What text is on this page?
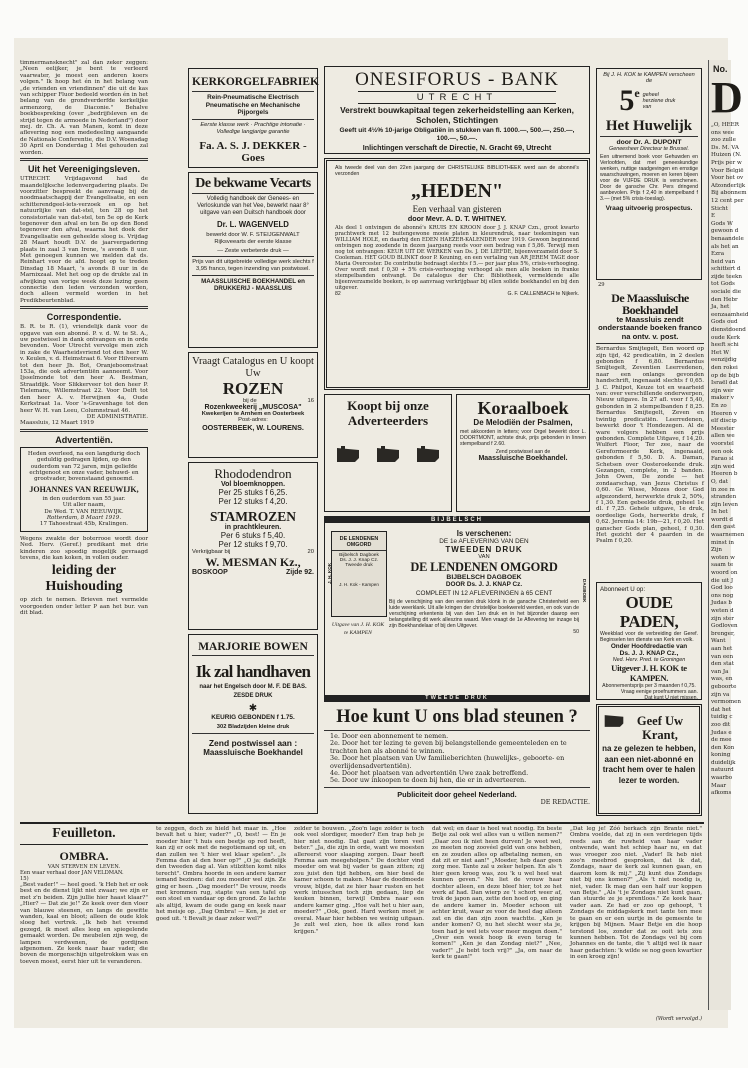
timmermansknecht" zal dan zeker zeggen: „Neen eelijker, je bent te verleerd vaarwater, je moest een anderen koers volgen." Ik hoop het én in het belang van „de vrienden en vriendinnen" die uit de kas van schipper Fluor bedeeld worden én in het belang van de grondverderfde kerkelijke armenzorg, de Diaconie." Behalve boekbespreking (over „bedrijfsleven en de strijd tegen de armoede in Nederland") door mej. dr. Ch. A. van Manen, komt in deze aflevering nog een mededeeling aangaande de Nationale Conferentie, die D.V. Woensdag 30 April en Donderdag 1 Mei gehouden zal worden.
Uit het Vereenigingsleven.
UTRECHT. Vrijdagavond had de maandelijksche ledenvergadering plaats. De voorzitter bespreekt de aanvraag bij de noodmaatschappij der Evangelisatie, en een schitterendgeel-iets-verzoek en op het natuurlijke van dat-stel, ten 28 op het consistoriale van dat-stel, ten 5e op de Kerk tegenover den afval en ten 8e op den Bond tegenover den afval, waarna het doek der Evangelisatie een geheelde sloeg is. Vrijdag 28 Maart houdt D.V. de jaarvergadering plaats in zaal 3 van Irene, 's avonds 8 uur. Met genoegen kunnen we melden dat ds. Reinhart voor de afd. hoopt op te treden Dinsdag 18 Maart, 's avonds 8 uur in de Marnixzaal. Met het oog op de drukte zal in afwijking van vorige week deze lezing geen connectie den leden verzonden worden, doch alleen vermeld worden in het Predikbeurtenblad.
Correspondentie.
B. R. te R. (1), vriendelijk dank voor de opgave van een abonné. P. v. d. W. te St. A., uw postwissel in dank ontvangen en in orde bevonden. Voor Utrecht vervolge men zich in zake de Waarheidsvriend tot den heer W. v. Keulen, v. d. Heimstraat 6. Voor Hilversum tot den heer Jh. Bot, Oranjeboomstraat 153a, die ook advertentiën aanneemt. Voor Ijsselmonde tot den heer A. Bestman, Straatdijk. Voor Slikkerveer tot den heer P. Tielemans, Willemstraat 22. Voor Delft tot den heer A. v. Herwijnen 4a, Oude Kerkstraat 1a. Voor 's-Gravenhage tot den heer W. H. van Leeu, Columnstraat 46.
DE ADMINISTRATIE.
Maassluis, 12 Maart 1919
Advertentiën.
Heden overleed, na een langdurig doch geduldig gedragen lijden, op den ouderdom van 72 jaren, mijn geliefde echtgenoot en onze vader, behuwd- en grootvader, bovenstaand genoemd.
JOHANNES VAN REEUWIJK,
in den ouderdom van 55 jaar.
Uit aller naam,
De Wed. T. VAN REEUWIJK.
Rotterdam, 8 Maart 1919.
17 Tahoestraat 45b, Kralingen.
Wegens zwakte der boterrooe wordt door Ned. Herv. (Geref.) predikant met drie kinderen zoo spoedig mogelijk gevraagd tevens, die kan koken, in vollen ouder.
leiding der Huishouding
op zich te nemen. Brieven met vermelde voorgoeden onder letter P aan het bur. van dit blad.
KERKORGELFABRIEK
Rein-Pneumatische Electrisch Pneumatische en Mechanische Pijporgels
Eerste klasse werk · Prachtige intonatie · Volledige langjarige garantie
Fa. A. S. J. DEKKER - Goes
De bekwame Vecarts
Volledig handboek der Genees- en Verloskunde van het Vee, bewerkt naar 8° uitgave van een Duitsch handboek door
Dr. L. WAGENVELD
bewerkt door W. F. STEIJGENWALT Rijksveearts der eerste klasse
— Zeste verbeterde druk —
Prijs van dit uitgebreide volledige werk slechts f 3,95 franco, tegen inzending van postwissel.
MAASSLUISCHE BOEKHANDEL en DRUKKERIJ - MAASSLUIS
Vraagt Catalogus en U koopt Uw
ROZEN
bij de	16
Rozenkweekerij „MUSCOSA"
Kwekerijen te Arnhem en Oosterbeek
Post-adres:
OOSTERBEEK, W. LOURENS.
Rhododendron
Vol bloemknoppen.
Per 25 stuks f 6,25.
Per 12 stuks f 4,20.
STAMROZEN
in prachtkleuren.
Per 6 stuks f 5,40.
Per 12 stuks f 9,70.
Verkrijgbaar bij	20
W. MESMAN Kz.,
BOSKOOP	Zijde 92.
MARJORIE BOWEN
Ik zal handhaven
naar het Engelsch door M. F. DE BAS.
ZESDE DRUK
✱
KEURIG GEBONDEN f 1.75.
302 Bladzijden kleine druk
Zend postwissel aan :
Maassluische Boekhandel
ONESIFORUS - BANK
UTRECHT
Verstrekt bouwkapitaal tegen zekerheidstelling aan Kerken, Scholen, Stichtingen
Geeft uit 4½% 10-jarige Obligatiën in stukken van fl. 1000.—, 500.—, 250.—, 100.—, 50.—.
Inlichtingen verschaft de Directie, N. Gracht 69, Utrecht
Als tweede deel van den 22en jaargang der CHRISTELIJKE BIBLIOTHEEK werd aan de abonné's verzonden
„HEDEN"
Een verhaal van gisteren
door Mevr. A. D. T. WHITNEY.
Als deel 1 ontvingen de abonné's KRUIS EN KROON door J. J. KNAP Czn., groot kwarto prachtwerk met 12 buitengewone mooie platen in kleurendruk, naar teekeningen van WILLIAM HOLE, en daarbij den EDEN HAEZER-KALENDER voor 1919. Gewoon beginnend ontvingen nog zoodende in dezen jaargang reeds voor een bedrag van f 5,86. Terwijl men nog tot ontvangen: KEUR UIT DE WERKEN van Ds. J. DE LIEFDE, bijeenverzameld door S. Cooleman. HET GOUD BLINKT door P. Keuning, en een vertaling van AR JEREM TAGE door Maria Overcester. De contributie bedraagt slechts f 5.— per jaar plus 5%, crisis-verhooging. Over wordt met f 0,30 + 5% crisis-verhooging verhoogd als men alle boeken in franke stempelbanden ontvangt. De catalogus der Chr. Bibliotheek, vermeldende alle bijeenverzamelde boeken, is op aanvraag verkrijgbaar bij ellen solide boekhandel en bij den uitgever.
82	G. F. CALLENBACH te Nijkerk.
Koopt bij onze Adverteerders
Koraalboek
De Melodiën der Psalmen,
met akkoorden in letters; voor Orgel bewerkt door L. DOORTMONT, achtste druk, prijs gebonden in linnen stempelband f 2.60.
Zend postwissel aan de
Maassluische Boekhandel.
BIJBELSCH
DE LENDENEN OMGORD
Bijbelsch Dagboek
Ds. J. J. Knap Cz.
Tweede druk
J. H. Kok - Kampen
J. H. KOK
Uitgave van J. H. KOK te KAMPEN
Is verschenen:
DE 1e AFLEVERING VAN DEN
TWEEDEN DRUK
VAN
DE LENDENEN OMGORD
BIJBELSCH DAGBOEK
DOOR Ds. J. J. KNAP Cz.
COMPLEET IN 12 AFLEVERINGEN à 65 CENT
Bij de verschijning van den eersten druk klonk in de gansche Christenheid een luide weerklank. Uit alle kringen der christelijke boekwereld werden, en ook van de verschijning erkentenis bij van den 1en druk en in het bijzonder daarop een belangstelling dit werk alleszins waard. Men vraagt de 1e Aflevering ter inzage bij zijn Boekhandelaar of bij den Uitgever.
50
DAGBOEK
TWEEDE DRUK
Hoe kunt U ons blad steunen ?
1e. Door een abonnement te nemen.
2e. Door het ter lezing te geven bij belangstellende gemeenteleden en te trachten hen als abonné te winnen.
3e. Door het plaatsen van Uw familieberichten (huwelijks-, geboorte- en overlijdensadvertentiën).
4e. Door het plaatsen van advertentiën Uwe zaak betreffend.
5e. Door uw inkoopen te doen bij hen, die er in adverteeren.
Publiciteit door geheel Nederland.
DE REDACTIE.
Bij J. H. KOK te KAMPEN verscheen de
5 e geheel herziene druk van
Het Huwelijk
door Dr. A. DUPONT
Geneesheer Directeur te Brussel.
Een uitnemend boek voor Gehuwden en Verloofden, dat met geneeskundige wenken, nuttige raadgevingen en ernstige waarschuwingen, moeren en keren bijeen voor de VIJFDE DRUK is verschenen. Door de gansche Chr. Pers dringend aanbevolen. Prijs f 2,40 in stempelband f 3.— (met 5% crisis-toeslag).
Vraag uitvoerig prospectus.
29
De Maassluische Boekhandel
te Maassluis zendt onderstaande boeken franco na ontv. v. post.
Bernardus Smijtegelt, Een woord op zijn tijd, 42 predicatiën, in 2 deelen gebonden f 6,80. Bernardus Smijtegelt, Zeventien Leerredenen, naar een onlangs gevonden handschrift, ingenaaid slechts f 0,65. J. C. Philpot, Keuze tot en waarheid van: over verschillende onderwerpen, Nieuw uitgave. In 27 afl. voor f 5,40, gebonden in 2 stempelbanden f 8,25. Bernardus Smijtegelt, Zeven en twintig predicatiën. Leerredenen, bewerkt door 't Hondezegen. Al de ware volgers hebben een prijs gebonden. Complete Uitgave, f 14,20. Wulfert Floor, Ter zee, naar de Gereformeerde Kerk, ingenaaid, gebonden f 5,50. D. A. Daman, Schetsen over Oosteroekende druk. Gezangen, complete, in 2 banden. John Owen, De zonde — het zondaarschap, van Jezus Christus f 0,60. Ge Wisse, Mozes door God afgezonderd, herwerkte druk 2, 50%, f 1,30. Een gebeelde druk, geheel 1e dl. f 7,25. Gehele uitgave, 1e druk, oordeelige Gods, herwerkte druk, f 0,62. Jeremia 14: 19b—21, f 0,20. Het ganscher Gods plan, geheel, f 0,30. Het gezicht der 4 paarden in de Psalm f 0,20.
Abonneert U op:
OUDE PADEN,
Weekblad voor de verbreiding der Geref. Beginselen ten dienste van Kerk en volk.
Onder Hoofdredactie van
Ds. J. J. KNAP Cz.,
Ned. Herv. Pred. te Groningen
Uitgever J. H. KOK te KAMPEN.
Abonnementsprijs per 3 maanden f 0,75.
Vraag eenige proefnummers aan.
Dat kunt U niet missen.
Geef Uw Krant,
na ze gelezen te hebben,
aan een niet-abonné en
tracht hem over te halen
lezer te worden.
No.
D
„O, HEER
ons wee
zoo zulle
Ds. M. VA
Huizen (N.
Prijs per w
Voor België
Voor het ov
Afzonderlijk
Bij abonnem
12 cent per
Sticht
E
Gods W
gewoon d
benaandele
als het an
Ezra
heid van
schittert d
zijde teekn
tot Gods
sociale die
den Hebr
Ja, het
eenzaamheid
Gods oud
dienstdoend
oude Kerk
heeft schi
Het W
eenzijdig
den rokei
op de bijb
Israël dat
zijn wer
maker v
En zo
Heeren v
elf discip
Meester
allen we
voorstel
een ook
Farao sl
zijn wed
Heeren b
O, dat
in zee m
stranden
zijn leven
In het
wordt d
den gast
waarnemen
minst in
Zijn
woten w
saam te
woord on
die uit J
God loo
ons nog
Judas b
weten d
zijn ster
Godloven
brenger,
Want
aan het
van een
den stat
van Ja
was, en
geboorte
zijn va
vermomen
dat het
tuidig c
zoo dit
Judas e
de mee
den Kon
koning
duidelijk
natuurd
waarbo
Maar
afkoms
Feuilleton.
OMBRA.
VAN STERVEN EN LEVEN.
Een waar verhaal door JAN VELDMAN.
15)
„Best vader!" — heel goed. 'k Heb het er ook best en de dienst lijkt niet zwaar; we zijn er met z'n beiden. Zijn jullie hier haast klaar?" „Hier? — Dat zie je!" Ze keek over den vloer van blauwe steenen, en langs de gewitte wanden, kaal en bloot; alleen de oude klok sloeg het vertrek. „Ik heb het vreemd gezegd, ik moet alles leeg en spiegelende gemaakt worden. De meubelen zijn weg, de lampen verdwenen, de gordijnen afgenomen. Ze keek naar haar vader, die boven de morgenschijn uitgetrokken was en toeven moest, eerst hier uit te veranderen.
te zeggen, doch ze hield het maar in. „Hoe bevalt het u hier, vader?" „O, best! — En je moeder hier 't huis een beetje op red heeft, kan zij er ook met de negotiemand op uit, en dan zullen we 't hier wel klaar spelen". „Is Femma dan al den hoer op?" „O ja; dadelijk den tweeden dag al. Van stilzitten komt niks terecht". Ombra hoorde in een andere kamer iemand bezinen: dat zou moeder wel zijn. Ze ging er heen. „Dag moeder!" De vrouw, reeds met krommen rug, stapte van een tafel op een stoel en vandaar op den grond. Ze lachte als altijd, kwam de oude gang en keek naar het meisje op. „Dag Ombra! — Ken, je ziet er goed uit. 't Bevalt je daar zeker wel?"
zelder te bouwen. „Zoo'n lage zolder is toch ook veel slordiger, moeder? Een trap heb je hier niet noodig. Dat gaat zijn toren veel beter." „Ja, die zijn in orde, want we moesten allereerst voor slaaping zorgen. Daar heeft Femma aan meegeholpen." De dochter vind moeder om wat bij vader te gaan zitten; zij zou juist den tijd hebben, om hier heel de kamer schoon te maken. Maar de doodmoede vrouw, blijde, dat ze hier haar rusten en het werk intusschen toch zijn gedaan, liep de keuken binnen, terwijl Ombra naar een andere kamer ging. „Hoe valt het u hier aan, moeder?" „Ook, goed. Hard werken moet je overal. Maar hier hebben we weinig uitgaan. Je zult wel zien, hoe ik alles rond kan krijgen."
dat wel; en daar is heel wat noodig. En beste Betje zal ook wel alles van u willen nemen?" „Daar zou ik niet heen durven! Je weet wel, ze meeten nog zoovéel geld van ons hebben, en ze zouden alles op afbetaling nemen, en dat zit er niet aan!" „Moeder, heb daar geen zorg mee. Tante zal u zeker helpen. En als 't hier geen kroeg was, zou 'k u wel heel wat kunnen geven." Nu liet de vrouw haar dochter alleen, en deze bleef hier, tot ze het werk af had. Dan wierp ze 't schort weer af, trok de japon aan, zette den hoed op, en ging de andere kamer in. Moeder schoon uit achter kruit, waar ze voor de heel dag alleen zat en die dan zijn zoon wachtte. „Ken je ander komen? O, nu het slecht weer sta je, toen had je wel iets voor meer mogen doen." „Over een week hoop ik even terug te komen!" „Ken je dan Zondag niet?" „Nee, vader!" „Je hebt toch vrij?" „Ja, om naar de kerk te gaan!"
„Dat leg je! Zóó herkach zijn Brante niet." Ombra voelde, dat zij in een verdriegen tijds reeds aan de ruwheid van haar vader ontwende, want het schiep haar nu, en dat was vroeger zoo niet. „Vader! Ik heb niet zoo'n meebrod gesproken, dat ik dat, Zondags, naar de kerk zal kunnen gaan, en daarom kom ik mij." „Zij kunt dus Zondags niet bij ons komen?" „Als 't niet noodig is, niet, vader. Ik mag dan een half uur koppen van Betje." „Als 't je Zondags niet kunt gaan, dan stuurde ze je sprentloos." Ze keek haar vader aan. Ze had er zoo op gehoopt, 't Zondags de middagskerk met tante ten mee te gaan en er een uurtje in de gemeente te krijgen bij Mijnen. Maar Betje en die hoop terstond los, zonder dat ze ooit iets zou kunnen hebben. Tot de Zondags vel bij com Johannes en de tante, die 't altijd wel ik naar haar gedachten: 'k wilde se nog geen kwartier in een kroeg zijn!
(Wordt vervolgd.)
